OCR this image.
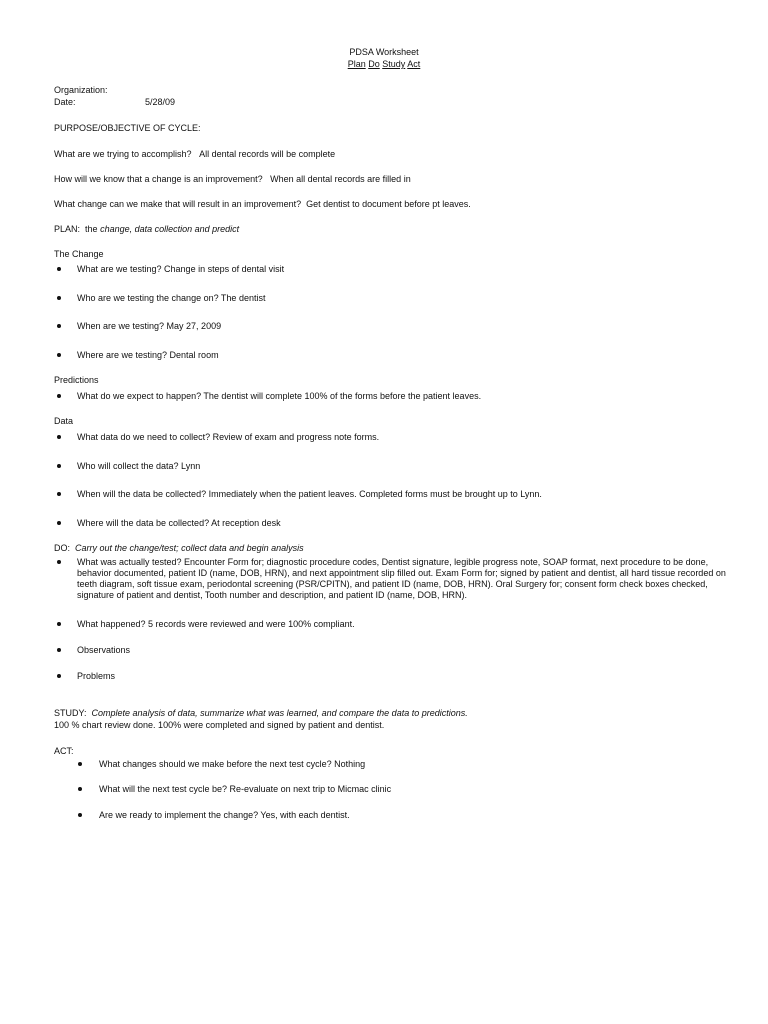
PDSA Worksheet
Plan Do Study Act
Organization:
Date:	5/28/09
PURPOSE/OBJECTIVE OF CYCLE:
What are we trying to accomplish? All dental records will be complete
How will we know that a change is an improvement? When all dental records are filled in
What change can we make that will result in an improvement? Get dentist to document before pt leaves.
PLAN: the change, data collection and predict
The Change
What are we testing? Change in steps of dental visit
Who are we testing the change on? The dentist
When are we testing? May 27, 2009
Where are we testing? Dental room
Predictions
What do we expect to happen? The dentist will complete 100% of the forms before the patient leaves.
Data
What data do we need to collect? Review of exam and progress note forms.
Who will collect the data? Lynn
When will the data be collected? Immediately when the patient leaves. Completed forms must be brought up to Lynn.
Where will the data be collected? At reception desk
DO: Carry out the change/test; collect data and begin analysis
What was actually tested? Encounter Form for; diagnostic procedure codes, Dentist signature, legible progress note, SOAP format, next procedure to be done, behavior documented, patient ID (name, DOB, HRN), and next appointment slip filled out. Exam Form for; signed by patient and dentist, all hard tissue recorded on teeth diagram, soft tissue exam, periodontal screening (PSR/CPITN), and patient ID (name, DOB, HRN). Oral Surgery for; consent form check boxes checked, signature of patient and dentist, Tooth number and description, and patient ID (name, DOB, HRN).
What happened? 5 records were reviewed and were 100% compliant.
Observations
Problems
STUDY: Complete analysis of data, summarize what was learned, and compare the data to predictions.
100 % chart review done. 100% were completed and signed by patient and dentist.
ACT:
What changes should we make before the next test cycle? Nothing
What will the next test cycle be? Re-evaluate on next trip to Micmac clinic
Are we ready to implement the change? Yes, with each dentist.
